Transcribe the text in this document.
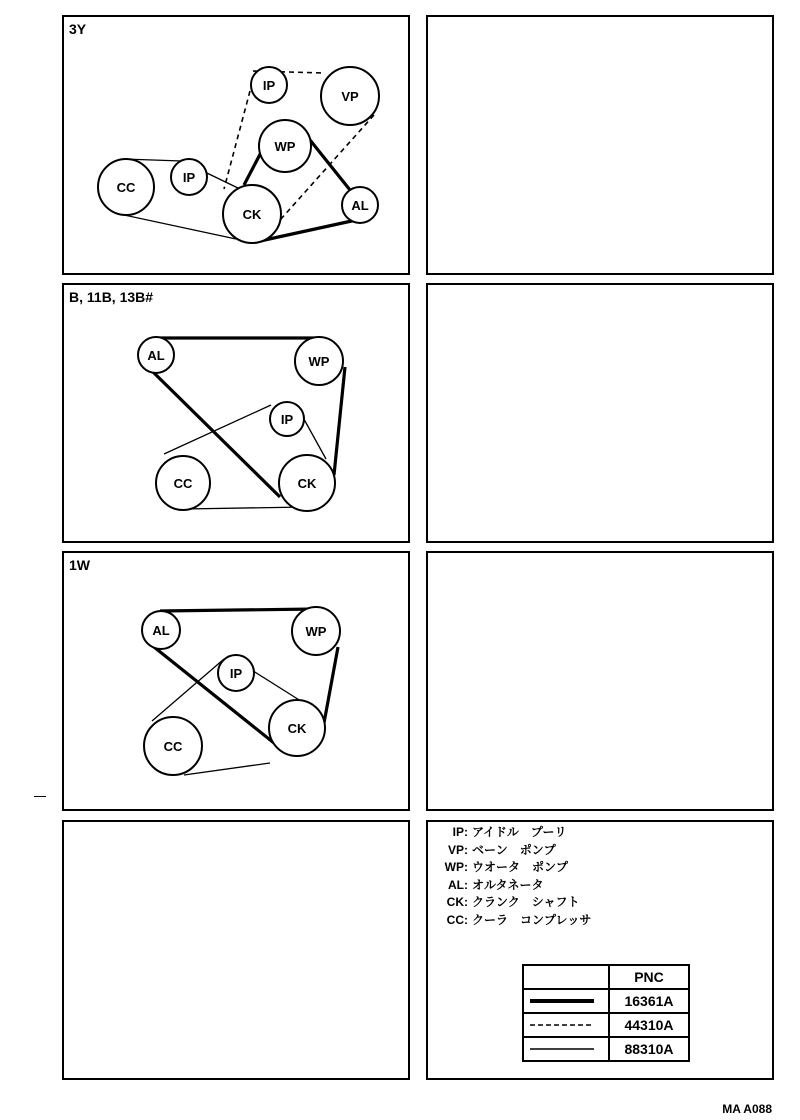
3Y
IP
VP
WP
CC
IP
CK
AL
B, 11B, 13B#
AL	WP
IP
CC	CK
1W
AL	WP
IP
CK
CC
IP: アイドル　プーリ
VP: ベーン　ポンプ
WP: ウオータ　ポンプ
AL: オルタネータ
CK: クランク　シャフト
CC: クーラ　コンプレッサ
	PNC
	16361A
	44310A
	88310A
MA A088
